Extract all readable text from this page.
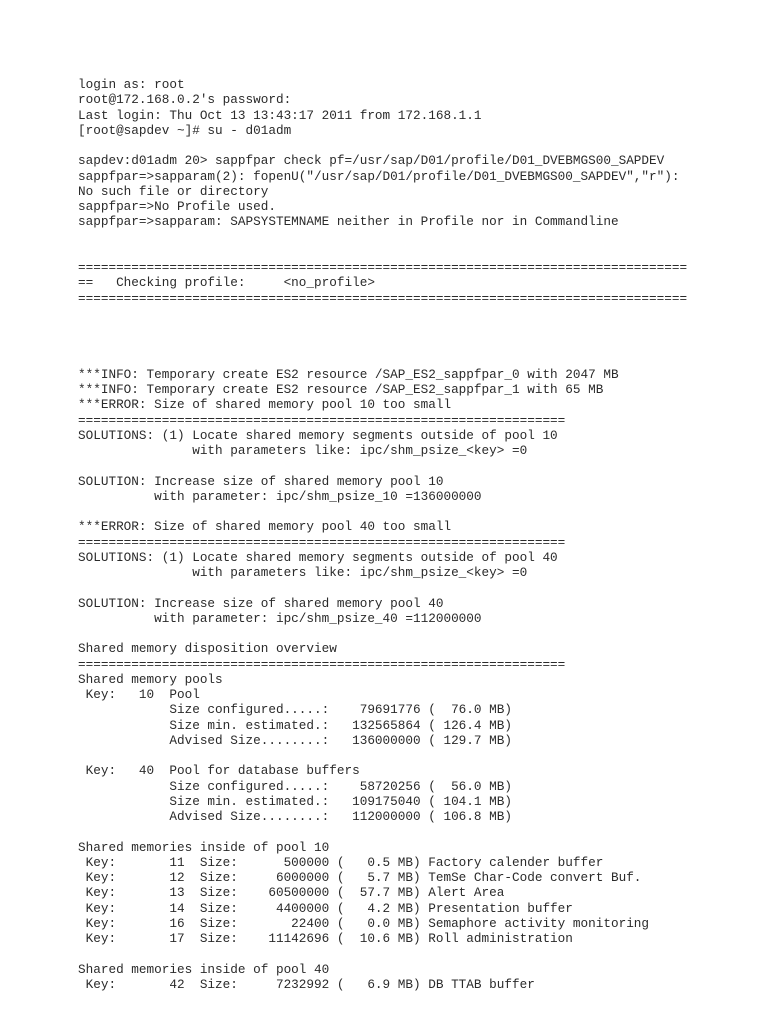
login as: root
root@172.168.0.2's password:
Last login: Thu Oct 13 13:43:17 2011 from 172.168.1.1
[root@sapdev ~]# su - d01adm
sapdev:d01adm 20> sappfpar check pf=/usr/sap/D01/profile/D01_DVEBMGS00_SAPDEV
sappfpar=>sapparam(2): fopenU("/usr/sap/D01/profile/D01_DVEBMGS00_SAPDEV","r"):
No such file or directory
sappfpar=>No Profile used.
sappfpar=>sapparam: SAPSYSTEMNAME neither in Profile nor in Commandline
================================================================================
==   Checking profile:     <no_profile>
================================================================================
***INFO: Temporary create ES2 resource /SAP_ES2_sappfpar_0 with 2047 MB
***INFO: Temporary create ES2 resource /SAP_ES2_sappfpar_1 with 65 MB
***ERROR: Size of shared memory pool 10 too small
================================================================
SOLUTIONS: (1) Locate shared memory segments outside of pool 10
with parameters like: ipc/shm_psize_<key> =0
SOLUTION: Increase size of shared memory pool 10
with parameter: ipc/shm_psize_10 =136000000
***ERROR: Size of shared memory pool 40 too small
================================================================
SOLUTIONS: (1) Locate shared memory segments outside of pool 40
with parameters like: ipc/shm_psize_<key> =0
SOLUTION: Increase size of shared memory pool 40
with parameter: ipc/shm_psize_40 =112000000
Shared memory disposition overview
================================================================
Shared memory pools
Key:   10  Pool
Size configured.....:    79691776 (  76.0 MB)
Size min. estimated.:   132565864 ( 126.4 MB)
Advised Size........:   136000000 ( 129.7 MB)
Key:   40  Pool for database buffers
Size configured.....:    58720256 (  56.0 MB)
Size min. estimated.:   109175040 ( 104.1 MB)
Advised Size........:   112000000 ( 106.8 MB)
Shared memories inside of pool 10
Key:       11  Size:      500000 (   0.5 MB) Factory calender buffer
Key:       12  Size:     6000000 (   5.7 MB) TemSe Char-Code convert Buf.
Key:       13  Size:    60500000 (  57.7 MB) Alert Area
Key:       14  Size:     4400000 (   4.2 MB) Presentation buffer
Key:       16  Size:       22400 (   0.0 MB) Semaphore activity monitoring
Key:       17  Size:    11142696 (  10.6 MB) Roll administration
Shared memories inside of pool 40
Key:       42  Size:     7232992 (   6.9 MB) DB TTAB buffer
